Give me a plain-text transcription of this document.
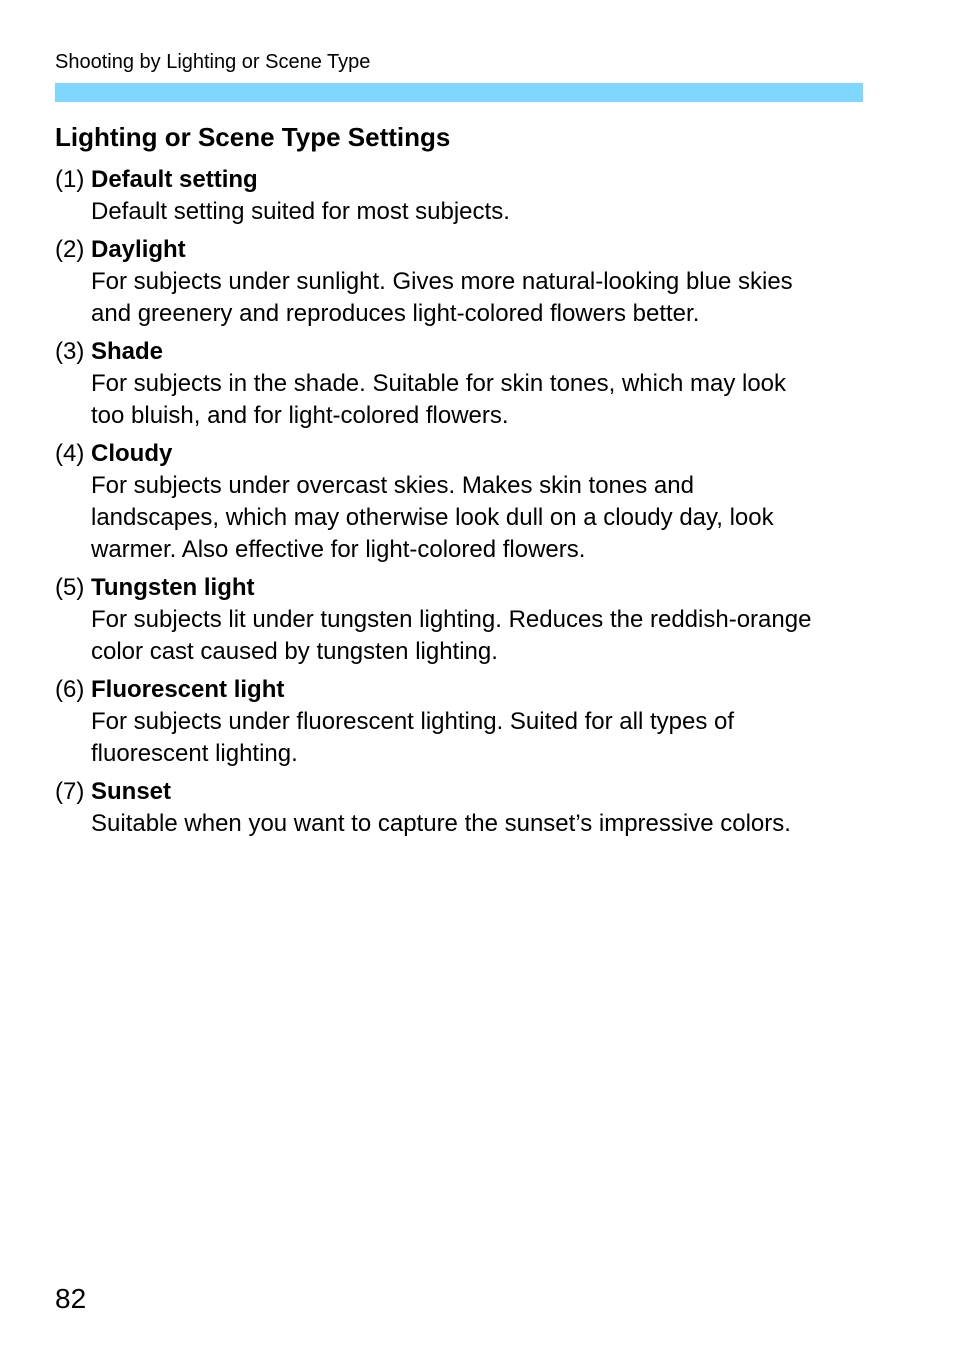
Shooting by Lighting or Scene Type
Lighting or Scene Type Settings
(1) Default setting
Default setting suited for most subjects.
(2) Daylight
For subjects under sunlight. Gives more natural-looking blue skies
and greenery and reproduces light-colored flowers better.
(3) Shade
For subjects in the shade. Suitable for skin tones, which may look
too bluish, and for light-colored flowers.
(4) Cloudy
For subjects under overcast skies. Makes skin tones and
landscapes, which may otherwise look dull on a cloudy day, look
warmer. Also effective for light-colored flowers.
(5) Tungsten light
For subjects lit under tungsten lighting. Reduces the reddish-orange
color cast caused by tungsten lighting.
(6) Fluorescent light
For subjects under fluorescent lighting. Suited for all types of
fluorescent lighting.
(7) Sunset
Suitable when you want to capture the sunset’s impressive colors.
82
